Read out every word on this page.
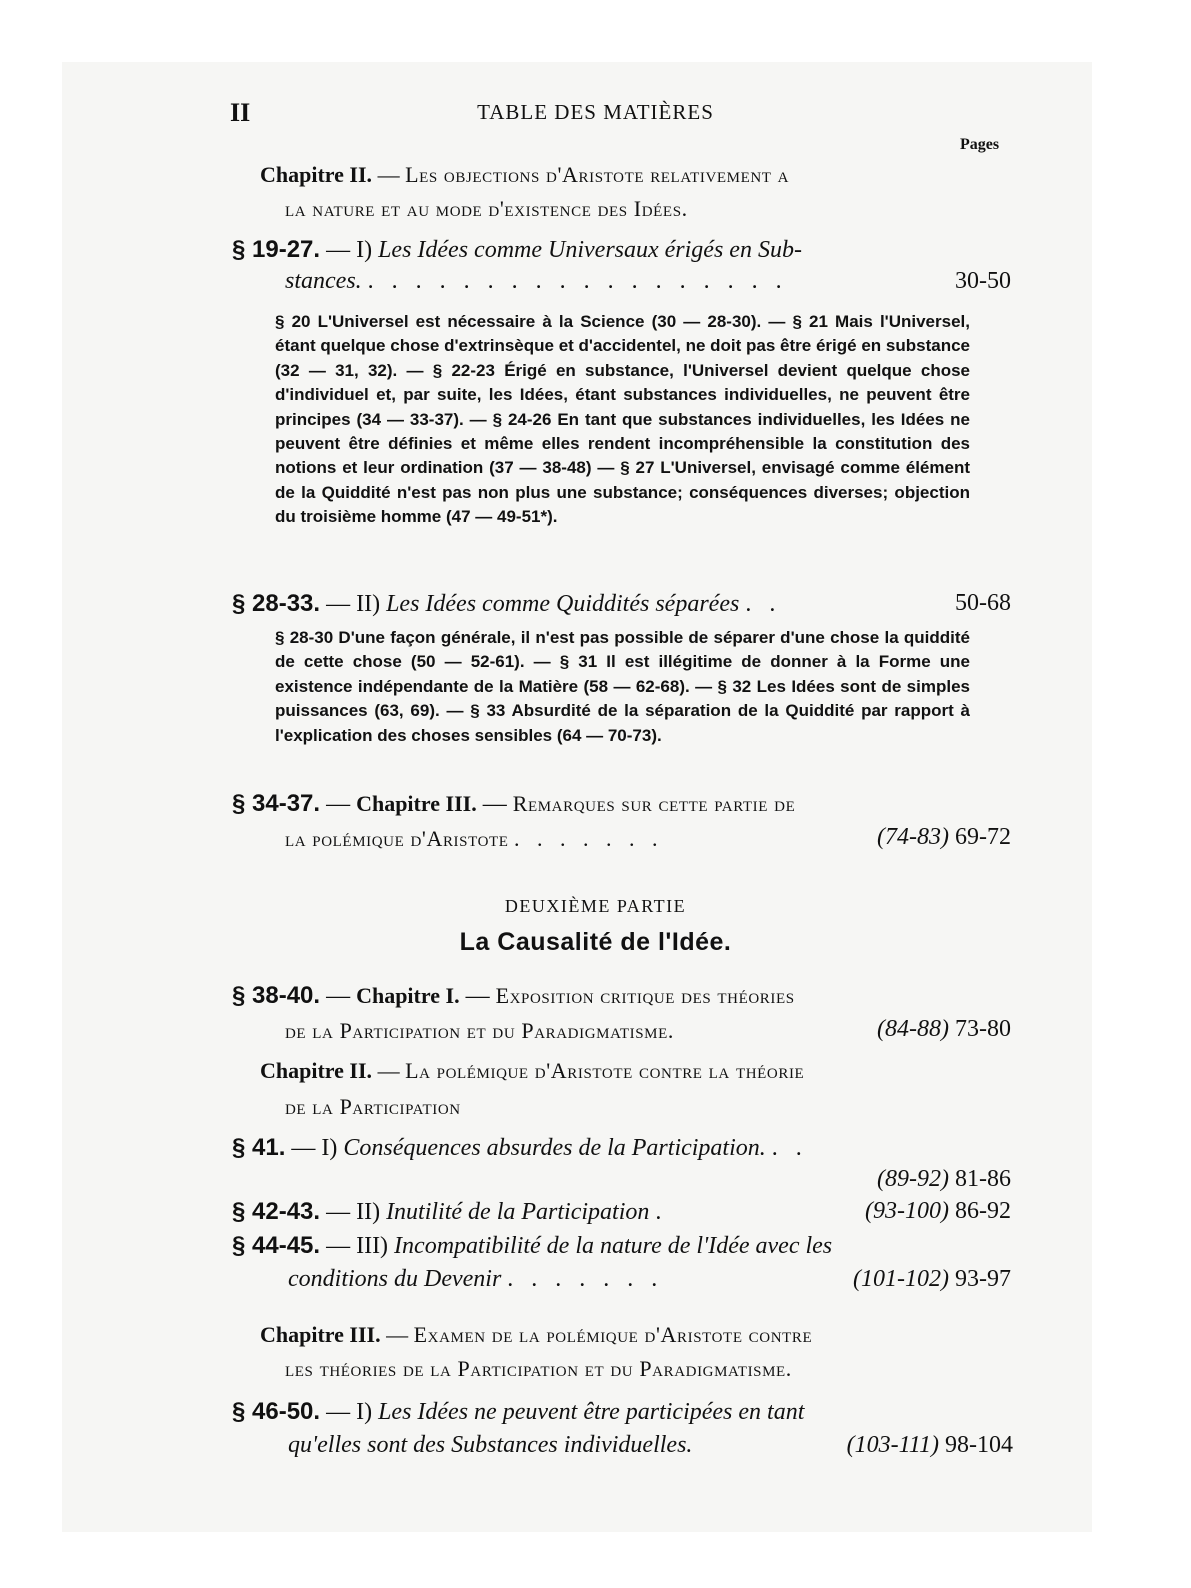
II	TABLE DES MATIÈRES
Pages
Chapitre II. — Les objections d'Aristote relativement a
la nature et au mode d'existence des Idées.
§ 19-27. — I) Les Idées comme Universaux érigés en Sub-
stances. . . . . . . . . . . . . . . . . . .	30-50

§ 20 L'Universel est nécessaire à la Science (30 — 28-30). — § 21 Mais l'Universel, étant quelque chose d'extrinsèque et d'accidentel, ne doit pas être érigé en substance (32 — 31, 32). — § 22-23 Érigé en substance, l'Universel devient quelque chose d'individuel et, par suite, les Idées, étant substances individuelles, ne peuvent être principes (34 — 33-37). — § 24-26 En tant que substances individuelles, les Idées ne peuvent être définies et même elles rendent incompréhensible la constitution des notions et leur ordination (37 — 38-48) — § 27 L'Universel, envisagé comme élément de la Quiddité n'est pas non plus une substance; conséquences diverses; objection du troisième homme (47 — 49-51*).

§ 28-33. — II) Les Idées comme Quiddités séparées . .	50-68

§ 28-30 D'une façon générale, il n'est pas possible de séparer d'une chose la quiddité de cette chose (50 — 52-61). — § 31 Il est illégitime de donner à la Forme une existence indépendante de la Matière (58 — 62-68). — § 32 Les Idées sont de simples puissances (63, 69). — § 33 Absurdité de la séparation de la Quiddité par rapport à l'explication des choses sensibles (64 — 70-73).

§ 34-37. — Chapitre III. — Remarques sur cette partie de
la polémique d'Aristote . . . . . . .	(74-83) 69-72
DEUXIÈME PARTIE
La Causalité de l'Idée.
§ 38-40. — Chapitre I. — Exposition critique des théories
de la Participation et du Paradigmatisme.	(84-88) 73-80
Chapitre II. — La polémique d'Aristote contre la théorie
de la Participation
§ 41. — I) Conséquences absurdes de la Participation. . .
(89-92) 81-86
§ 42-43. — II) Inutilité de la Participation .	(93-100) 86-92
§ 44-45. — III) Incompatibilité de la nature de l'Idée avec les
conditions du Devenir . . . . . . .	(101-102) 93-97
Chapitre III. — Examen de la polémique d'Aristote contre
les théories de la Participation et du Paradigmatisme.
§ 46-50. — I) Les Idées ne peuvent être participées en tant
qu'elles sont des Substances individuelles.	(103-111) 98-104
